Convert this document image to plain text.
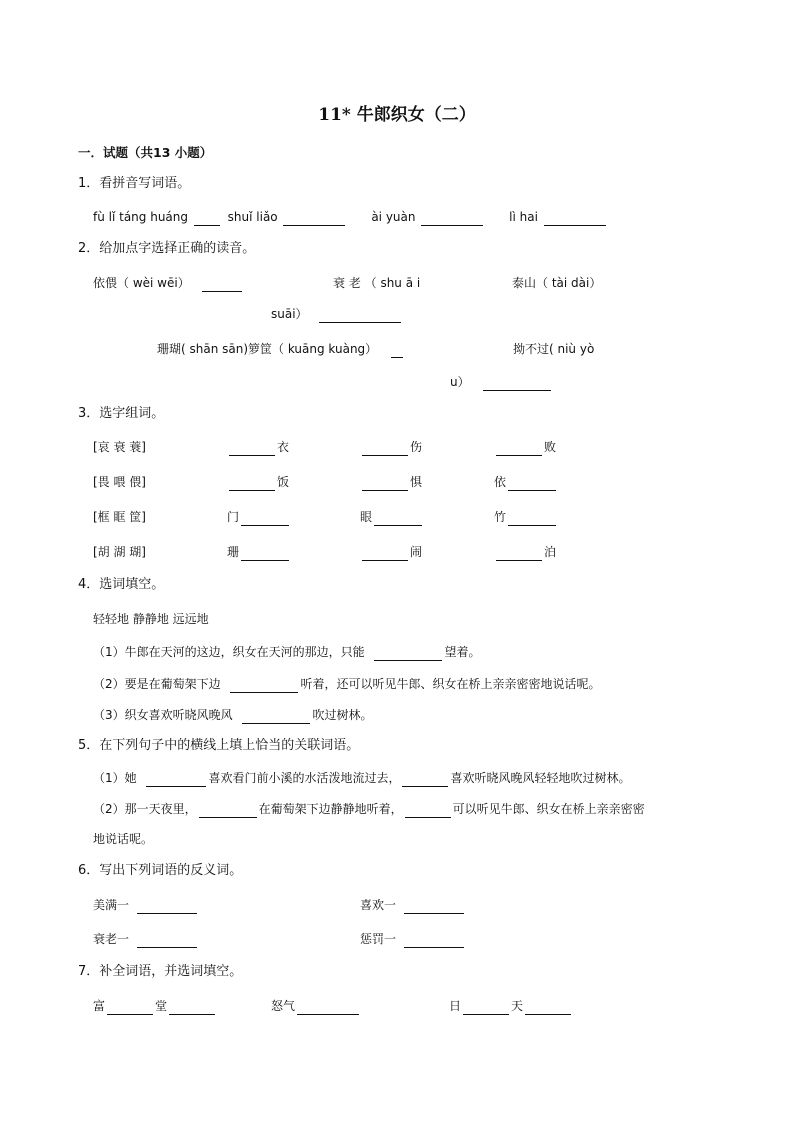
11* 牛郎织女（二）
一．试题（共13 小题）
1．看拼音写词语。
fù lǐ táng huáng	shuǐ liǎo	ài yuàn	lì hai
2．给加点字选择正确的读音。
依偎（ wèi wēi）	衰 老 （ shu ā i	泰山（ tài dài）
suāi）
珊瑚( shān sān)箩筐（ kuāng kuàng）	拗不过( niù yò
u）
3．选字组词。
[哀 衰 蓑]	衣	伤	败
[畏 喂 偎]	饭	惧	依
[框 眶 筐]	门	眼	竹
[胡 湖 瑚]	珊	闹	泊
4．选词填空。
轻轻地 静静地 远远地
（1）牛郎在天河的这边，织女在天河的那边，只能	望着。
（2）要是在葡萄架下边	听着，还可以听见牛郎、织女在桥上亲亲密密地说话呢。
（3）织女喜欢听晓风晚风	吹过树林。
5．在下列句子中的横线上填上恰当的关联词语。
（1）她	喜欢看门前小溪的水活泼地流过去，	喜欢听晓风晚风轻轻地吹过树林。
（2）那一天夜里，	在葡萄架下边静静地听着，	可以听见牛郎、织女在桥上亲亲密密
地说话呢。
6．写出下列词语的反义词。
美满一	喜欢一
衰老一	惩罚一
7．补全词语，并选词填空。
富	堂	怒气	日	天
